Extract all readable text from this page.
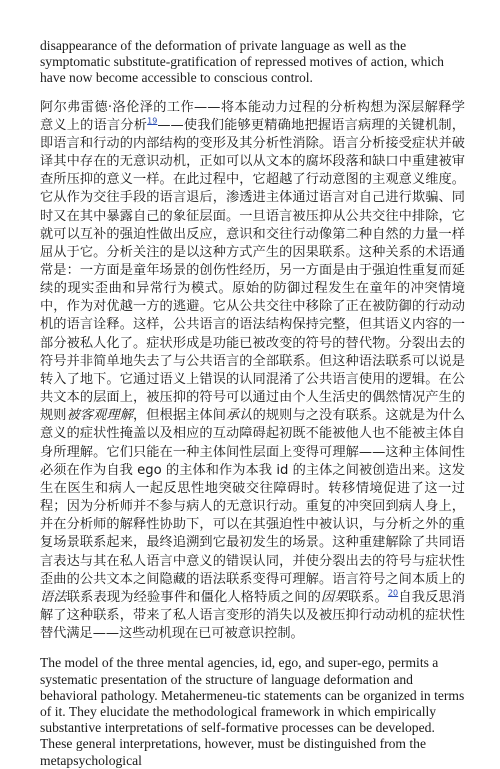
disappearance of the deformation of private language as well as the symptomatic substitute-gratification of repressed motives of action, which have now become accessible to conscious control.

阿尔弗雷德·洛伦泽的工作——将本能动力过程的分析构想为深层解释学意义上的语言分析$^{19}$——使我们能够更精确地把握语言病理的关键机制，即语言和行动的内部结构的变形及其分析性消除。语言分析接受症状并破译其中存在的无意识动机，正如可以从文本的腐坏段落和缺口中重建被审查所压抑的意义一样。在此过程中，它超越了行动意图的主观意义维度。它从作为交往手段的语言退后，渗透进主体通过语言对自己进行欺骗、同时又在其中暴露自己的象征层面。一旦语言被压抑从公共交往中排除，它就可以互补的强迫性做出反应，意识和交往行动像第二种自然的力量一样屈从于它。分析关注的是以这种方式产生的因果联系。这种关系的术语通常是：一方面是童年场景的创伤性经历，另一方面是由于强迫性重复而延续的现实歪曲和异常行为模式。原始的防御过程发生在童年的冲突情境中，作为对优越一方的逃避。它从公共交往中移除了正在被防御的行动动机的语言诠释。这样，公共语言的语法结构保持完整，但其语义内容的一部分被私人化了。症状形成是功能已被改变的符号的替代物。分裂出去的符号并非简单地失去了与公共语言的全部联系。但这种语法联系可以说是转入了地下。它通过语义上错误的认同混淆了公共语言使用的逻辑。在公共文本的层面上，被压抑的符号可以通过由个人生活史的偶然情况产生的规则被客观理解，但根据主体间承认的规则与之没有联系。这就是为什么意义的症状性掩盖以及相应的互动障碍起初既不能被他人也不能被主体自身所理解。它们只能在一种主体间性层面上变得可理解——这种主体间性必须在作为自我 ego 的主体和作为本我 id 的主体之间被创造出来。这发生在医生和病人一起反思性地突破交往障碍时。转移情境促进了这一过程；因为分析师并不参与病人的无意识行动。重复的冲突回到病人身上，并在分析师的解释性协助下，可以在其强迫性中被认识，与分析之外的重复场景联系起来，最终追溯到它最初发生的场景。这种重建解除了共同语言表达与其在私人语言中意义的错误认同，并使分裂出去的符号与症状性歪曲的公共文本之间隐藏的语法联系变得可理解。语言符号之间本质上的语法联系表现为经验事件和僵化人格特质之间的因果联系。$^{20}$自我反思消解了这种联系，带来了私人语言变形的消失以及被压抑行动动机的症状性替代满足——这些动机现在已可被意识控制。

The model of the three mental agencies, id, ego, and super-ego, permits a systematic presentation of the structure of language deformation and behavioral pathology. Metahermeneu-tic statements can be organized in terms of it. They elucidate the methodological framework in which empirically substantive interpretations of self-formative processes can be developed. These general interpretations, however, must be distinguished from the metapsychological
